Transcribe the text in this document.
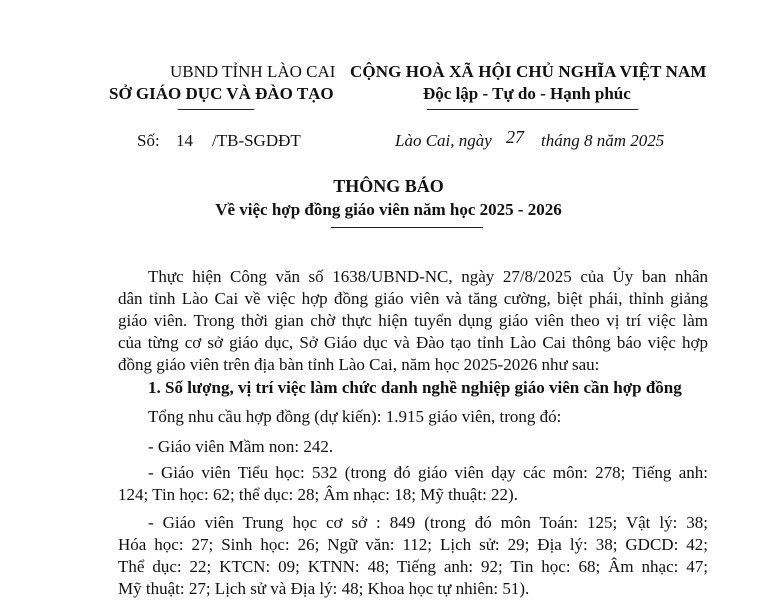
UBND TỈNH LÀO CAI
SỞ GIÁO DỤC VÀ ĐÀO TẠO
CỘNG HOÀ XÃ HỘI CHỦ NGHĨA VIỆT NAM
Độc lập - Tự do - Hạnh phúc
Số: 14 /TB-SGDĐT	Lào Cai, ngày 27 tháng 8 năm 2025
THÔNG BÁO
Về việc hợp đồng giáo viên năm học 2025 - 2026
Thực hiện Công văn số 1638/UBND-NC, ngày 27/8/2025 của Ủy ban nhân
dân tỉnh Lào Cai về việc hợp đồng giáo viên và tăng cường, biệt phái, thỉnh giảng
giáo viên. Trong thời gian chờ thực hiện tuyển dụng giáo viên theo vị trí việc làm
của từng cơ sở giáo dục, Sở Giáo dục và Đào tạo tỉnh Lào Cai thông báo việc hợp
đồng giáo viên trên địa bàn tỉnh Lào Cai, năm học 2025-2026 như sau:
1. Số lượng, vị trí việc làm chức danh nghề nghiệp giáo viên cần hợp đồng
Tổng nhu cầu hợp đồng (dự kiến): 1.915 giáo viên, trong đó:
- Giáo viên Mầm non: 242.
- Giáo viên Tiểu học: 532 (trong đó giáo viên dạy các môn: 278; Tiếng anh:
124; Tin học: 62; thể dục: 28; Âm nhạc: 18; Mỹ thuật: 22).
- Giáo viên Trung học cơ sở : 849 (trong đó môn Toán: 125; Vật lý: 38;
Hóa học: 27; Sinh học: 26; Ngữ văn: 112; Lịch sử: 29; Địa lý: 38; GDCD: 42;
Thể dục: 22; KTCN: 09; KTNN: 48; Tiếng anh: 92; Tin học: 68; Âm nhạc: 47;
Mỹ thuật: 27; Lịch sử và Địa lý: 48; Khoa học tự nhiên: 51).
